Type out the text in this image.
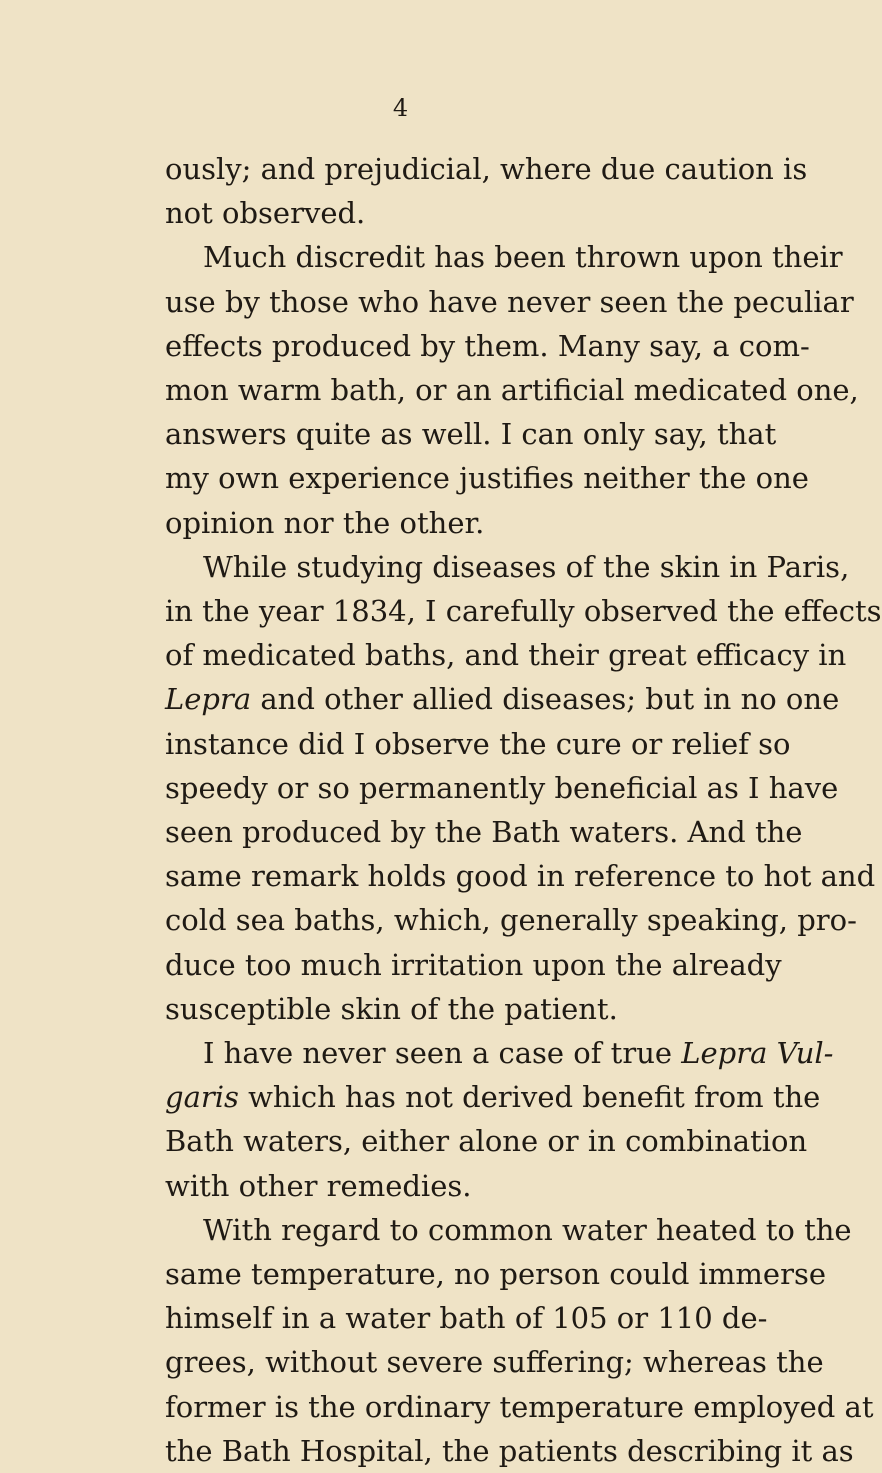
4
ously; and prejudicial, where due caution is
not observed.
Much discredit has been thrown upon their
use by those who have never seen the peculiar
effects produced by them. Many say, a com-
mon warm bath, or an artificial medicated one,
answers quite as well. I can only say, that
my own experience justifies neither the one
opinion nor the other.
While studying diseases of the skin in Paris,
in the year 1834, I carefully observed the effects
of medicated baths, and their great efficacy in
Lepra and other allied diseases; but in no one
instance did I observe the cure or relief so
speedy or so permanently beneficial as I have
seen produced by the Bath waters. And the
same remark holds good in reference to hot and
cold sea baths, which, generally speaking, pro-
duce too much irritation upon the already
susceptible skin of the patient.
I have never seen a case of true Lepra Vul-
garis which has not derived benefit from the
Bath waters, either alone or in combination
with other remedies.
With regard to common water heated to the
same temperature, no person could immerse
himself in a water bath of 105 or 110 de-
grees, without severe suffering; whereas the
former is the ordinary temperature employed at
the Bath Hospital, the patients describing it as
